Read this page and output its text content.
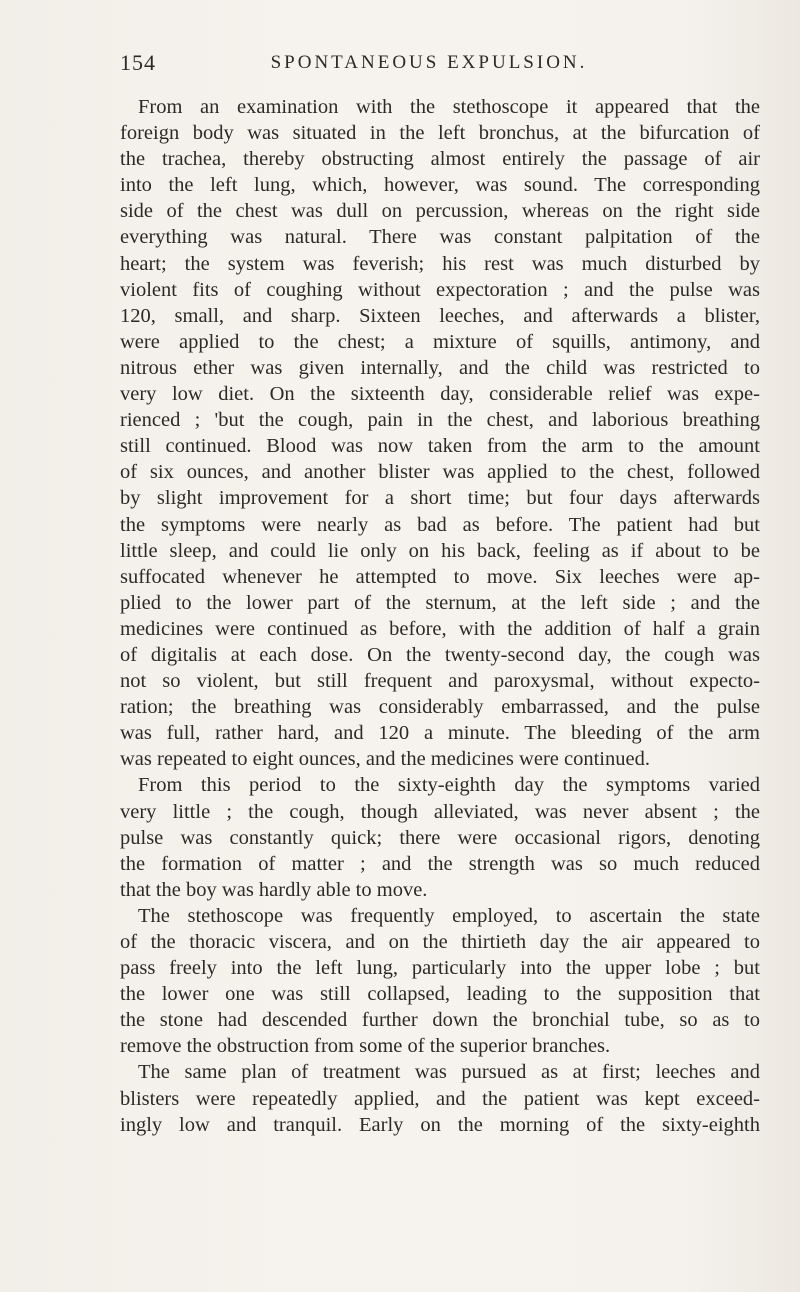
154	SPONTANEOUS EXPULSION.
From an examination with the stethoscope it appeared that the
foreign body was situated in the left bronchus, at the bifurcation of
the trachea, thereby obstructing almost entirely the passage of air
into the left lung, which, however, was sound. The corresponding
side of the chest was dull on percussion, whereas on the right side
everything was natural. There was constant palpitation of the
heart; the system was feverish; his rest was much disturbed by
violent fits of coughing without expectoration ; and the pulse was
120, small, and sharp. Sixteen leeches, and afterwards a blister,
were applied to the chest; a mixture of squills, antimony, and
nitrous ether was given internally, and the child was restricted to
very low diet. On the sixteenth day, considerable relief was expe-
rienced ; 'but the cough, pain in the chest, and laborious breathing
still continued. Blood was now taken from the arm to the amount
of six ounces, and another blister was applied to the chest, followed
by slight improvement for a short time; but four days afterwards
the symptoms were nearly as bad as before. The patient had but
little sleep, and could lie only on his back, feeling as if about to be
suffocated whenever he attempted to move. Six leeches were ap-
plied to the lower part of the sternum, at the left side ; and the
medicines were continued as before, with the addition of half a grain
of digitalis at each dose. On the twenty-second day, the cough was
not so violent, but still frequent and paroxysmal, without expecto-
ration; the breathing was considerably embarrassed, and the pulse
was full, rather hard, and 120 a minute. The bleeding of the arm
was repeated to eight ounces, and the medicines were continued.
From this period to the sixty-eighth day the symptoms varied
very little ; the cough, though alleviated, was never absent ; the
pulse was constantly quick; there were occasional rigors, denoting
the formation of matter ; and the strength was so much reduced
that the boy was hardly able to move.
The stethoscope was frequently employed, to ascertain the state
of the thoracic viscera, and on the thirtieth day the air appeared to
pass freely into the left lung, particularly into the upper lobe ; but
the lower one was still collapsed, leading to the supposition that
the stone had descended further down the bronchial tube, so as to
remove the obstruction from some of the superior branches.
The same plan of treatment was pursued as at first; leeches and
blisters were repeatedly applied, and the patient was kept exceed-
ingly low and tranquil. Early on the morning of the sixty-eighth
